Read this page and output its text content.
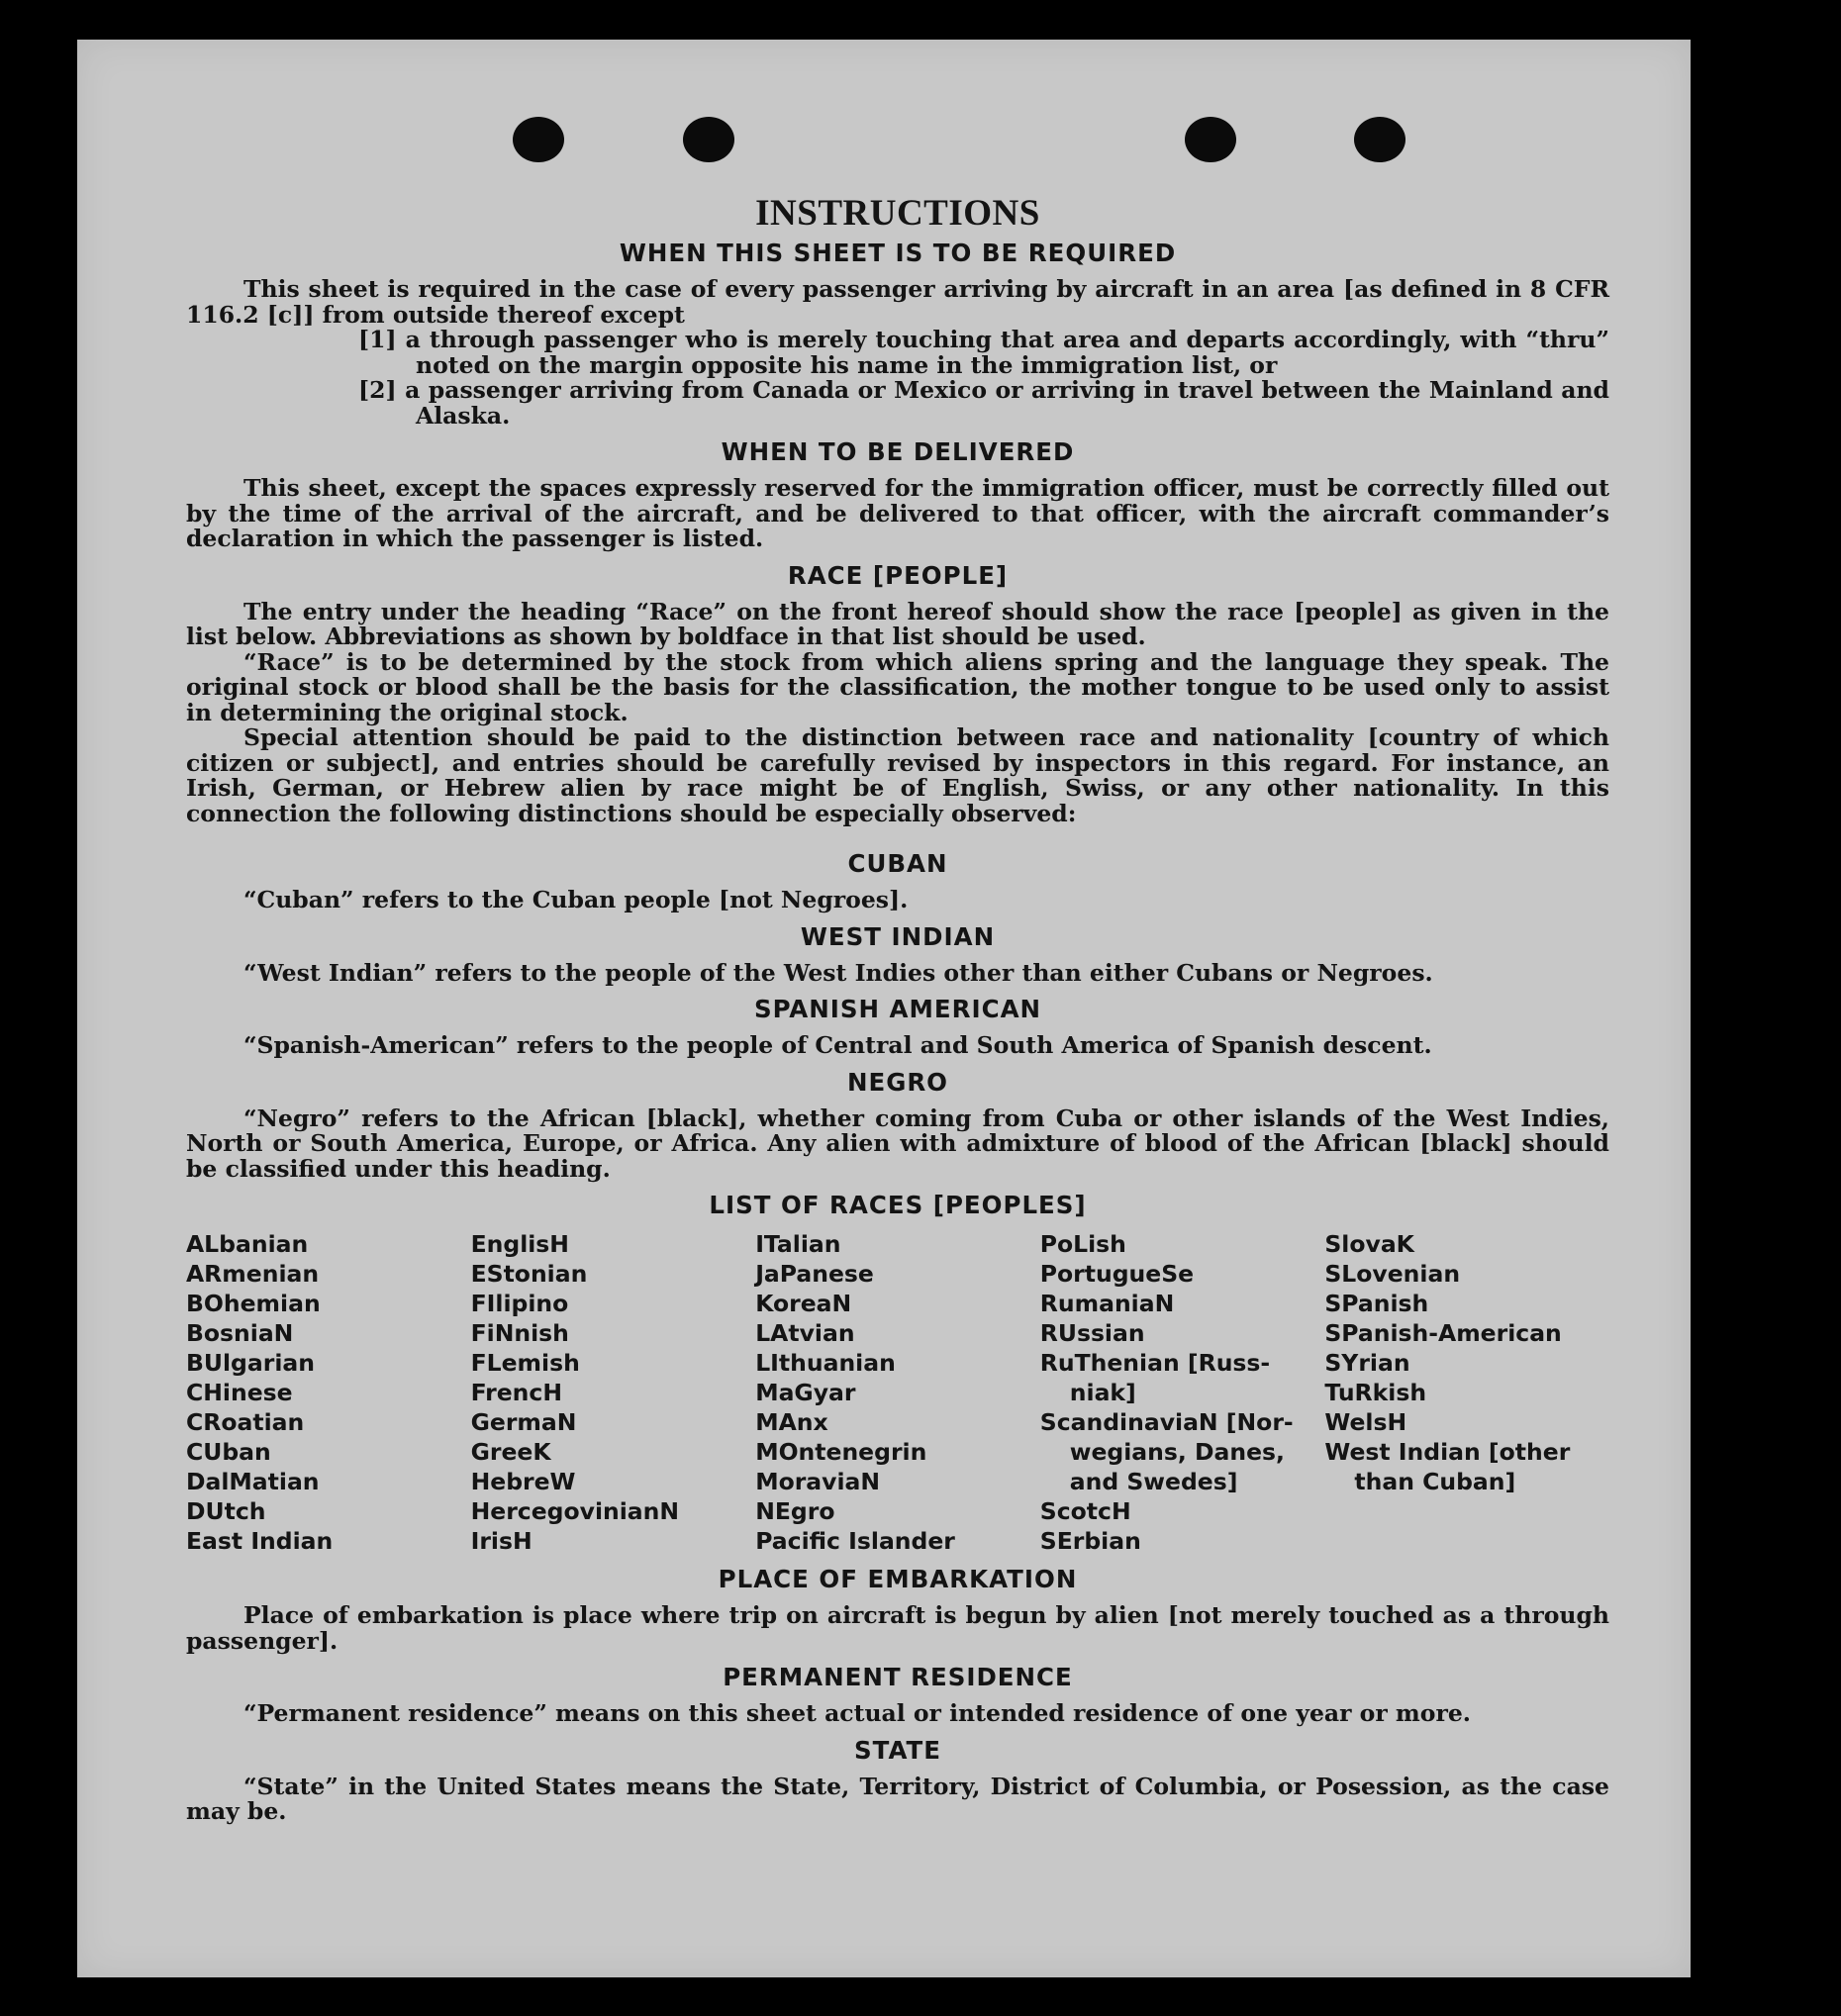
INSTRUCTIONS
WHEN THIS SHEET IS TO BE REQUIRED

This sheet is required in the case of every passenger arriving by aircraft in an area [as defined in 8 CFR 116.2 [c]] from outside thereof except

[1] a through passenger who is merely touching that area and departs accordingly, with “thru” noted on the margin opposite his name in the immigration list, or

[2] a passenger arriving from Canada or Mexico or arriving in travel between the Mainland and Alaska.

WHEN TO BE DELIVERED

This sheet, except the spaces expressly reserved for the immigration officer, must be correctly filled out by the time of the arrival of the aircraft, and be delivered to that officer, with the aircraft commander’s declaration in which the passenger is listed.

RACE [PEOPLE]

The entry under the heading “Race” on the front hereof should show the race [people] as given in the list below. Abbreviations as shown by boldface in that list should be used.

“Race” is to be determined by the stock from which aliens spring and the language they speak. The original stock or blood shall be the basis for the classification, the mother tongue to be used only to assist in determining the original stock.

Special attention should be paid to the distinction between race and nationality [country of which citizen or subject], and entries should be carefully revised by inspectors in this regard. For instance, an Irish, German, or Hebrew alien by race might be of English, Swiss, or any other nationality. In this connection the following distinctions should be especially observed:

CUBAN

“Cuban” refers to the Cuban people [not Negroes].

WEST INDIAN

“West Indian” refers to the people of the West Indies other than either Cubans or Negroes.

SPANISH AMERICAN

“Spanish-American” refers to the people of Central and South America of Spanish descent.

NEGRO

“Negro” refers to the African [black], whether coming from Cuba or other islands of the West Indies, North or South America, Europe, or Africa. Any alien with admixture of blood of the African [black] should be classified under this heading.

LIST OF RACES [PEOPLES]
ALbanian
ARmenian
BOhemian
BosniaN
BUlgarian
CHinese
CRoatian
CUban
DalMatian
DUtch
East Indian
EnglisH
EStonian
FIlipino
FiNnish
FLemish
FrencH
GermaN
GreeK
HebreW
HercegovinianN
IrisH
ITalian
JaPanese
KoreaN
LAtvian
LIthuanian
MaGyar
MAnx
MOntenegrin
MoraviaN
NEgro
Pacific Islander
PoLish
PortugueSe
RumaniaN
RUssian
RuThenian [Russ-
niak]
ScandinaviaN [Nor-
wegians, Danes,
and Swedes]
ScotcH
SErbian
SlovaK
SLovenian
SPanish
SPanish-American
SYrian
TuRkish
WelsH
West Indian [other
than Cuban]
PLACE OF EMBARKATION

Place of embarkation is place where trip on aircraft is begun by alien [not merely touched as a through passenger].

PERMANENT RESIDENCE

“Permanent residence” means on this sheet actual or intended residence of one year or more.

STATE

“State” in the United States means the State, Territory, District of Columbia, or Posession, as the case may be.
